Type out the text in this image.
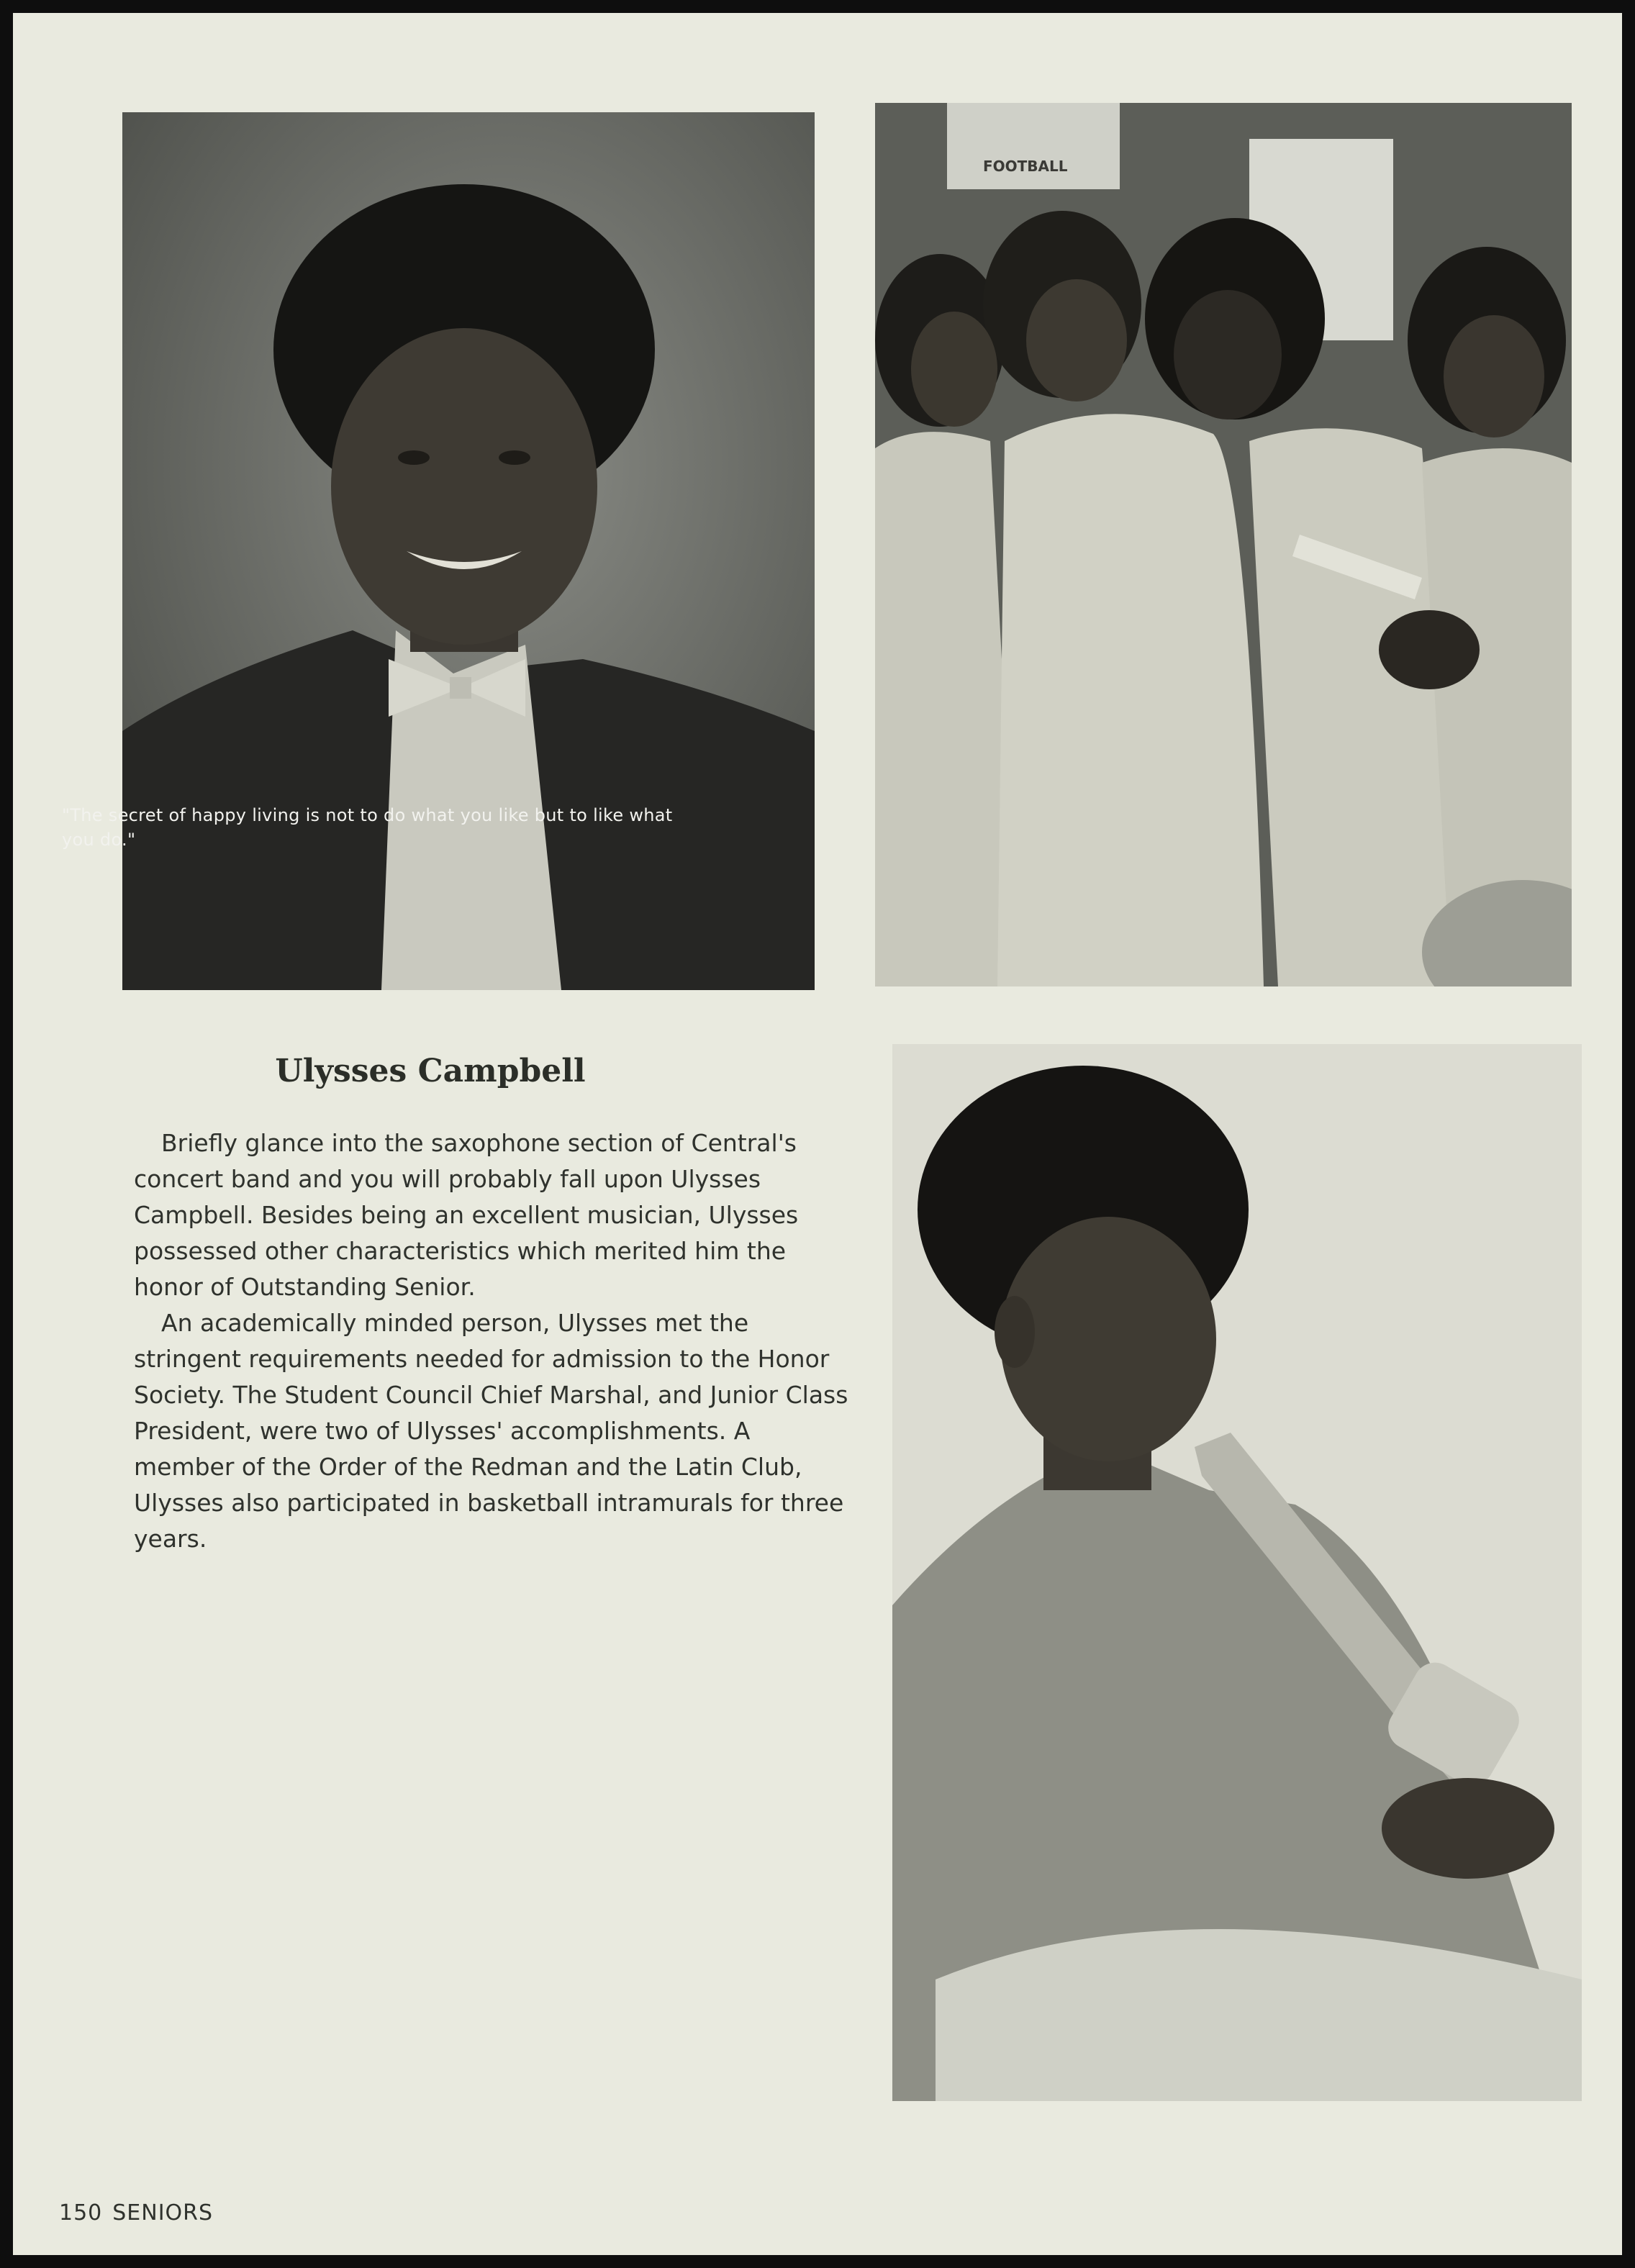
"The secret of happy living is not to do what you like but to like what you do."
FOOTBALL
Ulysses Campbell

Briefly glance into the saxophone section of Central's concert band and you will probably fall upon Ulysses Campbell. Besides being an excellent musician, Ulysses possessed other characteristics which merited him the honor of Outstanding Senior.

An academically minded person, Ulysses met the stringent requirements needed for admission to the Honor Society. The Student Council Chief Marshal, and Junior Class President, were two of Ulysses' accomplishments. A member of the Order of the Redman and the Latin Club, Ulysses also participated in basketball intramurals for three years.

150 SENIORS
